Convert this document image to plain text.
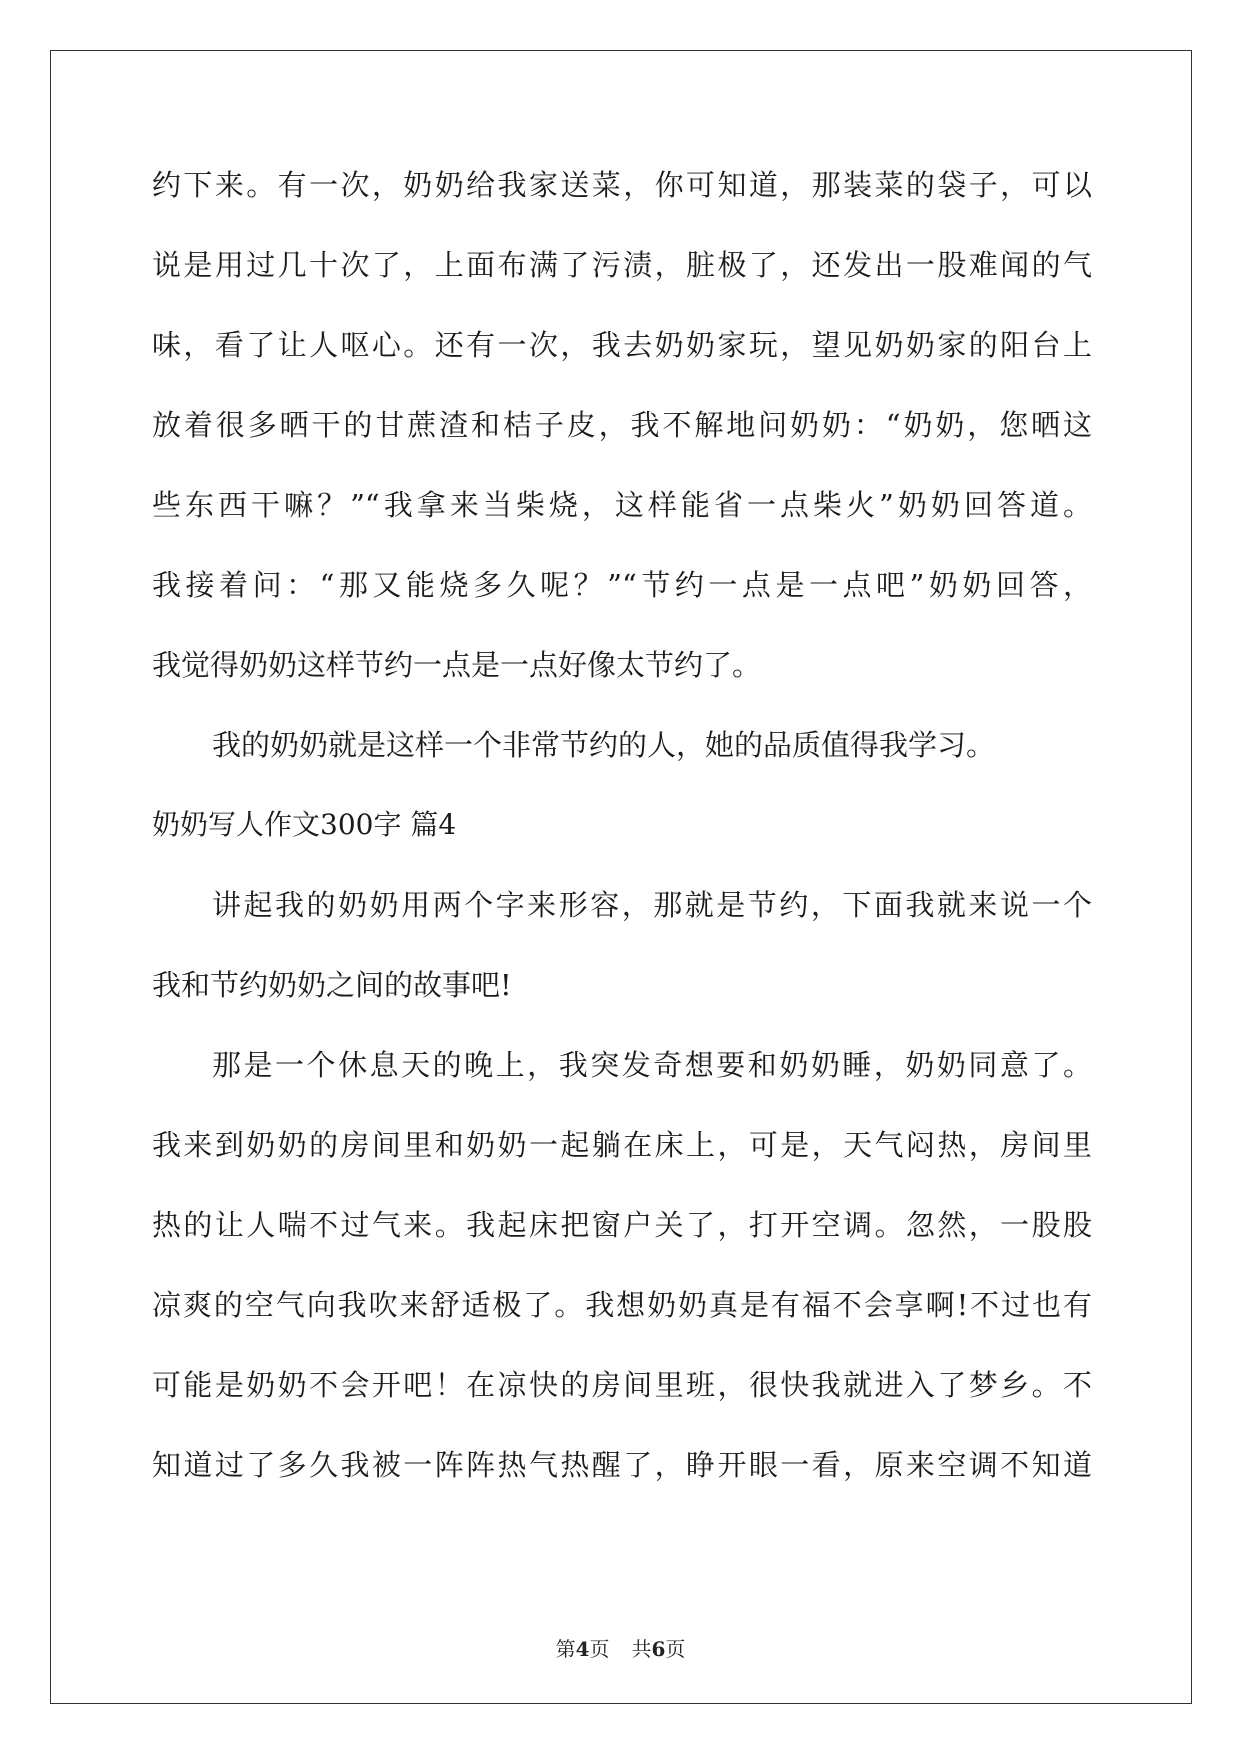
约下来。有一次，奶奶给我家送菜，你可知道，那装菜的袋子，可以
说是用过几十次了，上面布满了污渍，脏极了，还发出一股难闻的气
味，看了让人呕心。还有一次，我去奶奶家玩，望见奶奶家的阳台上
放着很多晒干的甘蔗渣和桔子皮，我不解地问奶奶：“奶奶，您晒这
些东西干嘛？”“我拿来当柴烧，这样能省一点柴火”奶奶回答道。
我接着问：“那又能烧多久呢？”“节约一点是一点吧”奶奶回答，
我觉得奶奶这样节约一点是一点好像太节约了。
我的奶奶就是这样一个非常节约的人，她的品质值得我学习。
奶奶写人作文300字 篇4
讲起我的奶奶用两个字来形容，那就是节约，下面我就来说一个
我和节约奶奶之间的故事吧!
那是一个休息天的晚上，我突发奇想要和奶奶睡，奶奶同意了。
我来到奶奶的房间里和奶奶一起躺在床上，可是，天气闷热，房间里
热的让人喘不过气来。我起床把窗户关了，打开空调。忽然，一股股
凉爽的空气向我吹来舒适极了。我想奶奶真是有福不会享啊!不过也有
可能是奶奶不会开吧！在凉快的房间里班，很快我就进入了梦乡。不
知道过了多久我被一阵阵热气热醒了，睁开眼一看，原来空调不知道
第4页 共6页
